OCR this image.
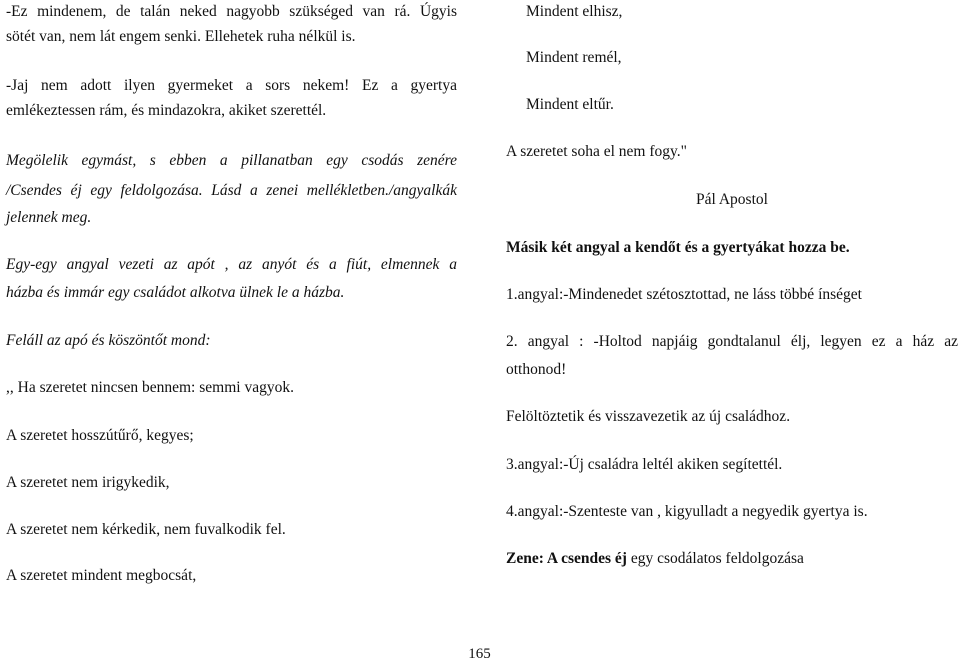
-Ez mindenem, de talán neked nagyobb szükséged van rá. Úgyis
sötét van, nem lát engem senki. Ellehetek ruha nélkül is.
-Jaj nem adott ilyen gyermeket a sors nekem! Ez a gyertya
emlékeztessen rám, és mindazokra, akiket szerettél.
Megölelik egymást, s ebben a pillanatban egy csodás zenére
/Csendes éj egy feldolgozása. Lásd a zenei mellékletben./angyalkák
jelennek meg.
Egy-egy angyal vezeti az apót , az anyót és a fiút, elmennek a
házba és immár egy családot alkotva ülnek le a házba.
Feláll az apó és köszöntőt mond:
,, Ha szeretet nincsen bennem: semmi vagyok.
A szeretet hosszútűrő, kegyes;
A szeretet nem irigykedik,
A szeretet nem kérkedik, nem fuvalkodik fel.
A szeretet mindent megbocsát,
Mindent elhisz,
Mindent remél,
Mindent eltűr.
A szeretet soha el nem fogy."
Pál Apostol
Másik két angyal a kendőt és a gyertyákat hozza be.
1.angyal:-Mindenedet szétosztottad, ne láss többé ínséget
2. angyal : -Holtod napjáig gondtalanul élj, legyen ez a ház az
otthonod!
Felöltöztetik és visszavezetik az új családhoz.
3.angyal:-Új családra leltél akiken segítettél.
4.angyal:-Szenteste van , kigyulladt a negyedik gyertya is.
Zene: A csendes éj egy csodálatos feldolgozása
165
